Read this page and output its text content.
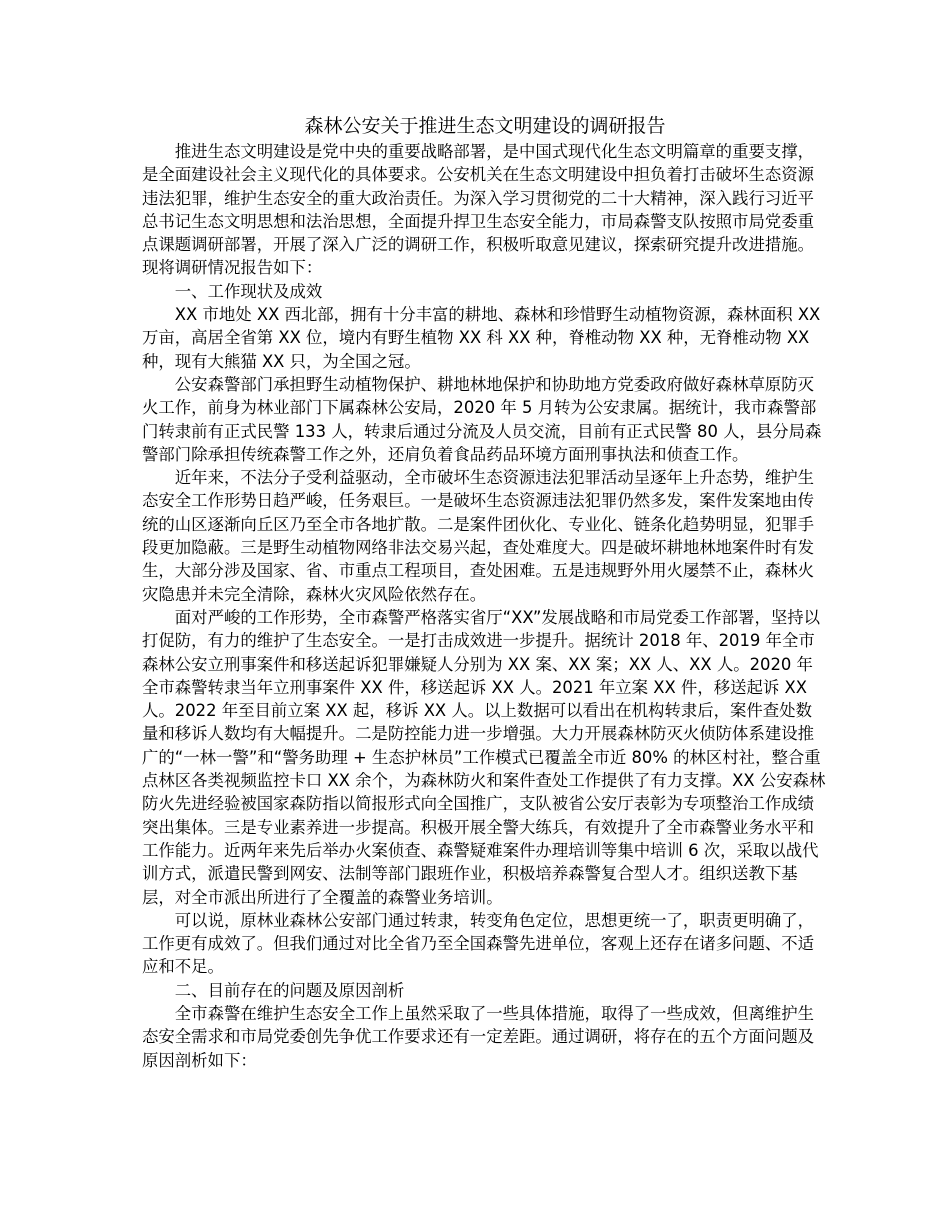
森林公安关于推进生态文明建设的调研报告

推进生态文明建设是党中央的重要战略部署，是中国式现代化生态文明篇章的重要支撑，是全面建设社会主义现代化的具体要求。公安机关在生态文明建设中担负着打击破坏生态资源违法犯罪，维护生态安全的重大政治责任。为深入学习贯彻党的二十大精神，深入践行习近平总书记生态文明思想和法治思想，全面提升捍卫生态安全能力，市局森警支队按照市局党委重点课题调研部署，开展了深入广泛的调研工作，积极听取意见建议，探索研究提升改进措施。现将调研情况报告如下：

一、工作现状及成效

XX 市地处 XX 西北部，拥有十分丰富的耕地、森林和珍惜野生动植物资源，森林面积 XX 万亩，高居全省第 XX 位，境内有野生植物 XX 科 XX 种，脊椎动物 XX 种，无脊椎动物 XX 种，现有大熊猫 XX 只，为全国之冠。

公安森警部门承担野生动植物保护、耕地林地保护和协助地方党委政府做好森林草原防灭火工作，前身为林业部门下属森林公安局，2020 年 5 月转为公安隶属。据统计，我市森警部门转隶前有正式民警 133 人，转隶后通过分流及人员交流，目前有正式民警 80 人，县分局森警部门除承担传统森警工作之外，还肩负着食品药品环境方面刑事执法和侦查工作。

近年来，不法分子受利益驱动，全市破坏生态资源违法犯罪活动呈逐年上升态势，维护生态安全工作形势日趋严峻，任务艰巨。一是破坏生态资源违法犯罪仍然多发，案件发案地由传统的山区逐渐向丘区乃至全市各地扩散。二是案件团伙化、专业化、链条化趋势明显，犯罪手段更加隐蔽。三是野生动植物网络非法交易兴起，查处难度大。四是破坏耕地林地案件时有发生，大部分涉及国家、省、市重点工程项目，查处困难。五是违规野外用火屡禁不止，森林火灾隐患并未完全清除，森林火灾风险依然存在。

面对严峻的工作形势，全市森警严格落实省厅“XX”发展战略和市局党委工作部署，坚持以打促防，有力的维护了生态安全。一是打击成效进一步提升。据统计 2018 年、2019 年全市森林公安立刑事案件和移送起诉犯罪嫌疑人分别为 XX 案、XX 案；XX 人、XX 人。2020 年全市森警转隶当年立刑事案件 XX 件，移送起诉 XX 人。2021 年立案 XX 件，移送起诉 XX 人。2022 年至目前立案 XX 起，移诉 XX 人。以上数据可以看出在机构转隶后，案件查处数量和移诉人数均有大幅提升。二是防控能力进一步增强。大力开展森林防灭火侦防体系建设推广的“一林一警”和“警务助理 + 生态护林员”工作模式已覆盖全市近 80% 的林区村社，整合重点林区各类视频监控卡口 XX 余个，为森林防火和案件查处工作提供了有力支撑。XX 公安森林防火先进经验被国家森防指以简报形式向全国推广，支队被省公安厅表彰为专项整治工作成绩突出集体。三是专业素养进一步提高。积极开展全警大练兵，有效提升了全市森警业务水平和工作能力。近两年来先后举办火案侦查、森警疑难案件办理培训等集中培训 6 次，采取以战代训方式，派遣民警到网安、法制等部门跟班作业，积极培养森警复合型人才。组织送教下基层，对全市派出所进行了全覆盖的森警业务培训。

可以说，原林业森林公安部门通过转隶，转变角色定位，思想更统一了，职责更明确了，工作更有成效了。但我们通过对比全省乃至全国森警先进单位，客观上还存在诸多问题、不适应和不足。

二、目前存在的问题及原因剖析

全市森警在维护生态安全工作上虽然采取了一些具体措施，取得了一些成效，但离维护生态安全需求和市局党委创先争优工作要求还有一定差距。通过调研，将存在的五个方面问题及原因剖析如下：
